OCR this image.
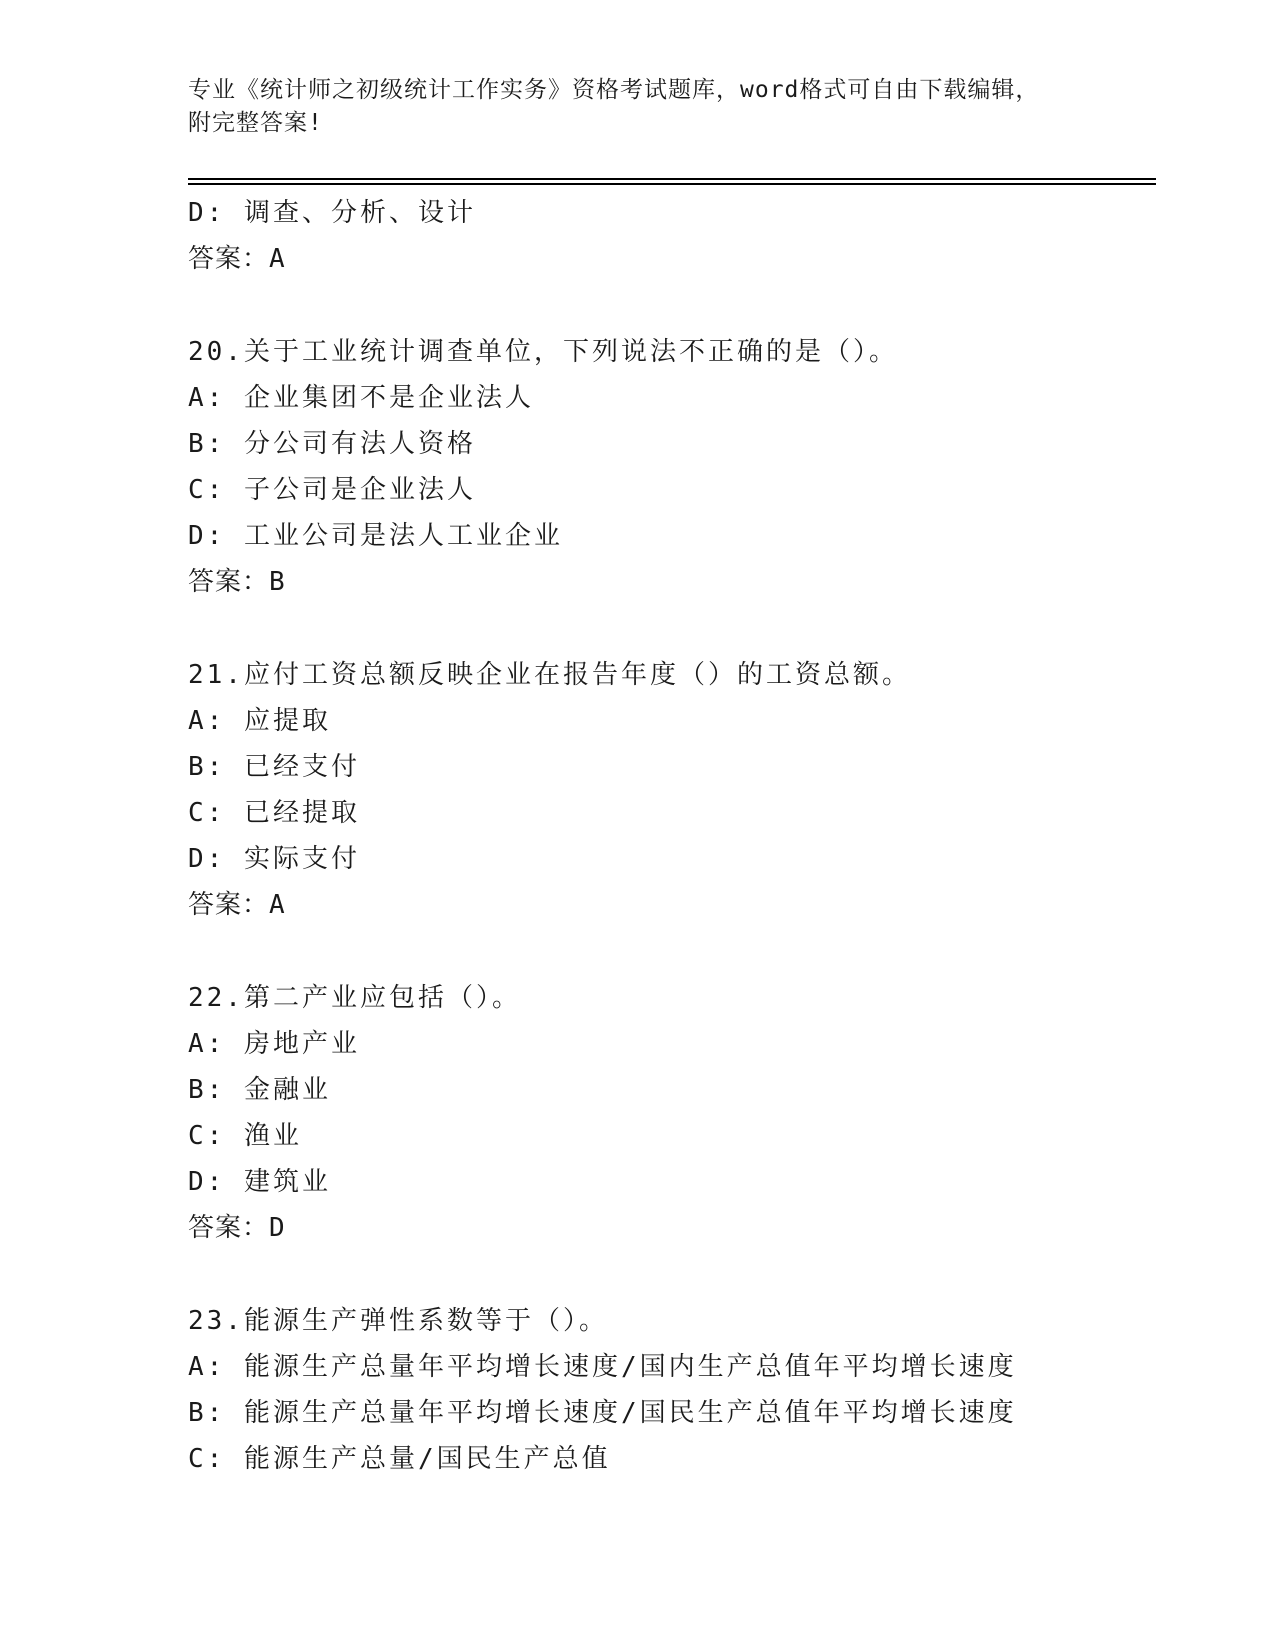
专业《统计师之初级统计工作实务》资格考试题库，word格式可自由下载编辑，
附完整答案!
D: 调查、分析、设计
答案：A
20.关于工业统计调查单位，下列说法不正确的是（）。
A: 企业集团不是企业法人
B: 分公司有法人资格
C: 子公司是企业法人
D: 工业公司是法人工业企业
答案：B
21.应付工资总额反映企业在报告年度（）的工资总额。
A: 应提取
B: 已经支付
C: 已经提取
D: 实际支付
答案：A
22.第二产业应包括（）。
A: 房地产业
B: 金融业
C: 渔业
D: 建筑业
答案：D
23.能源生产弹性系数等于（）。
A: 能源生产总量年平均增长速度/国内生产总值年平均增长速度
B: 能源生产总量年平均增长速度/国民生产总值年平均增长速度
C: 能源生产总量/国民生产总值
